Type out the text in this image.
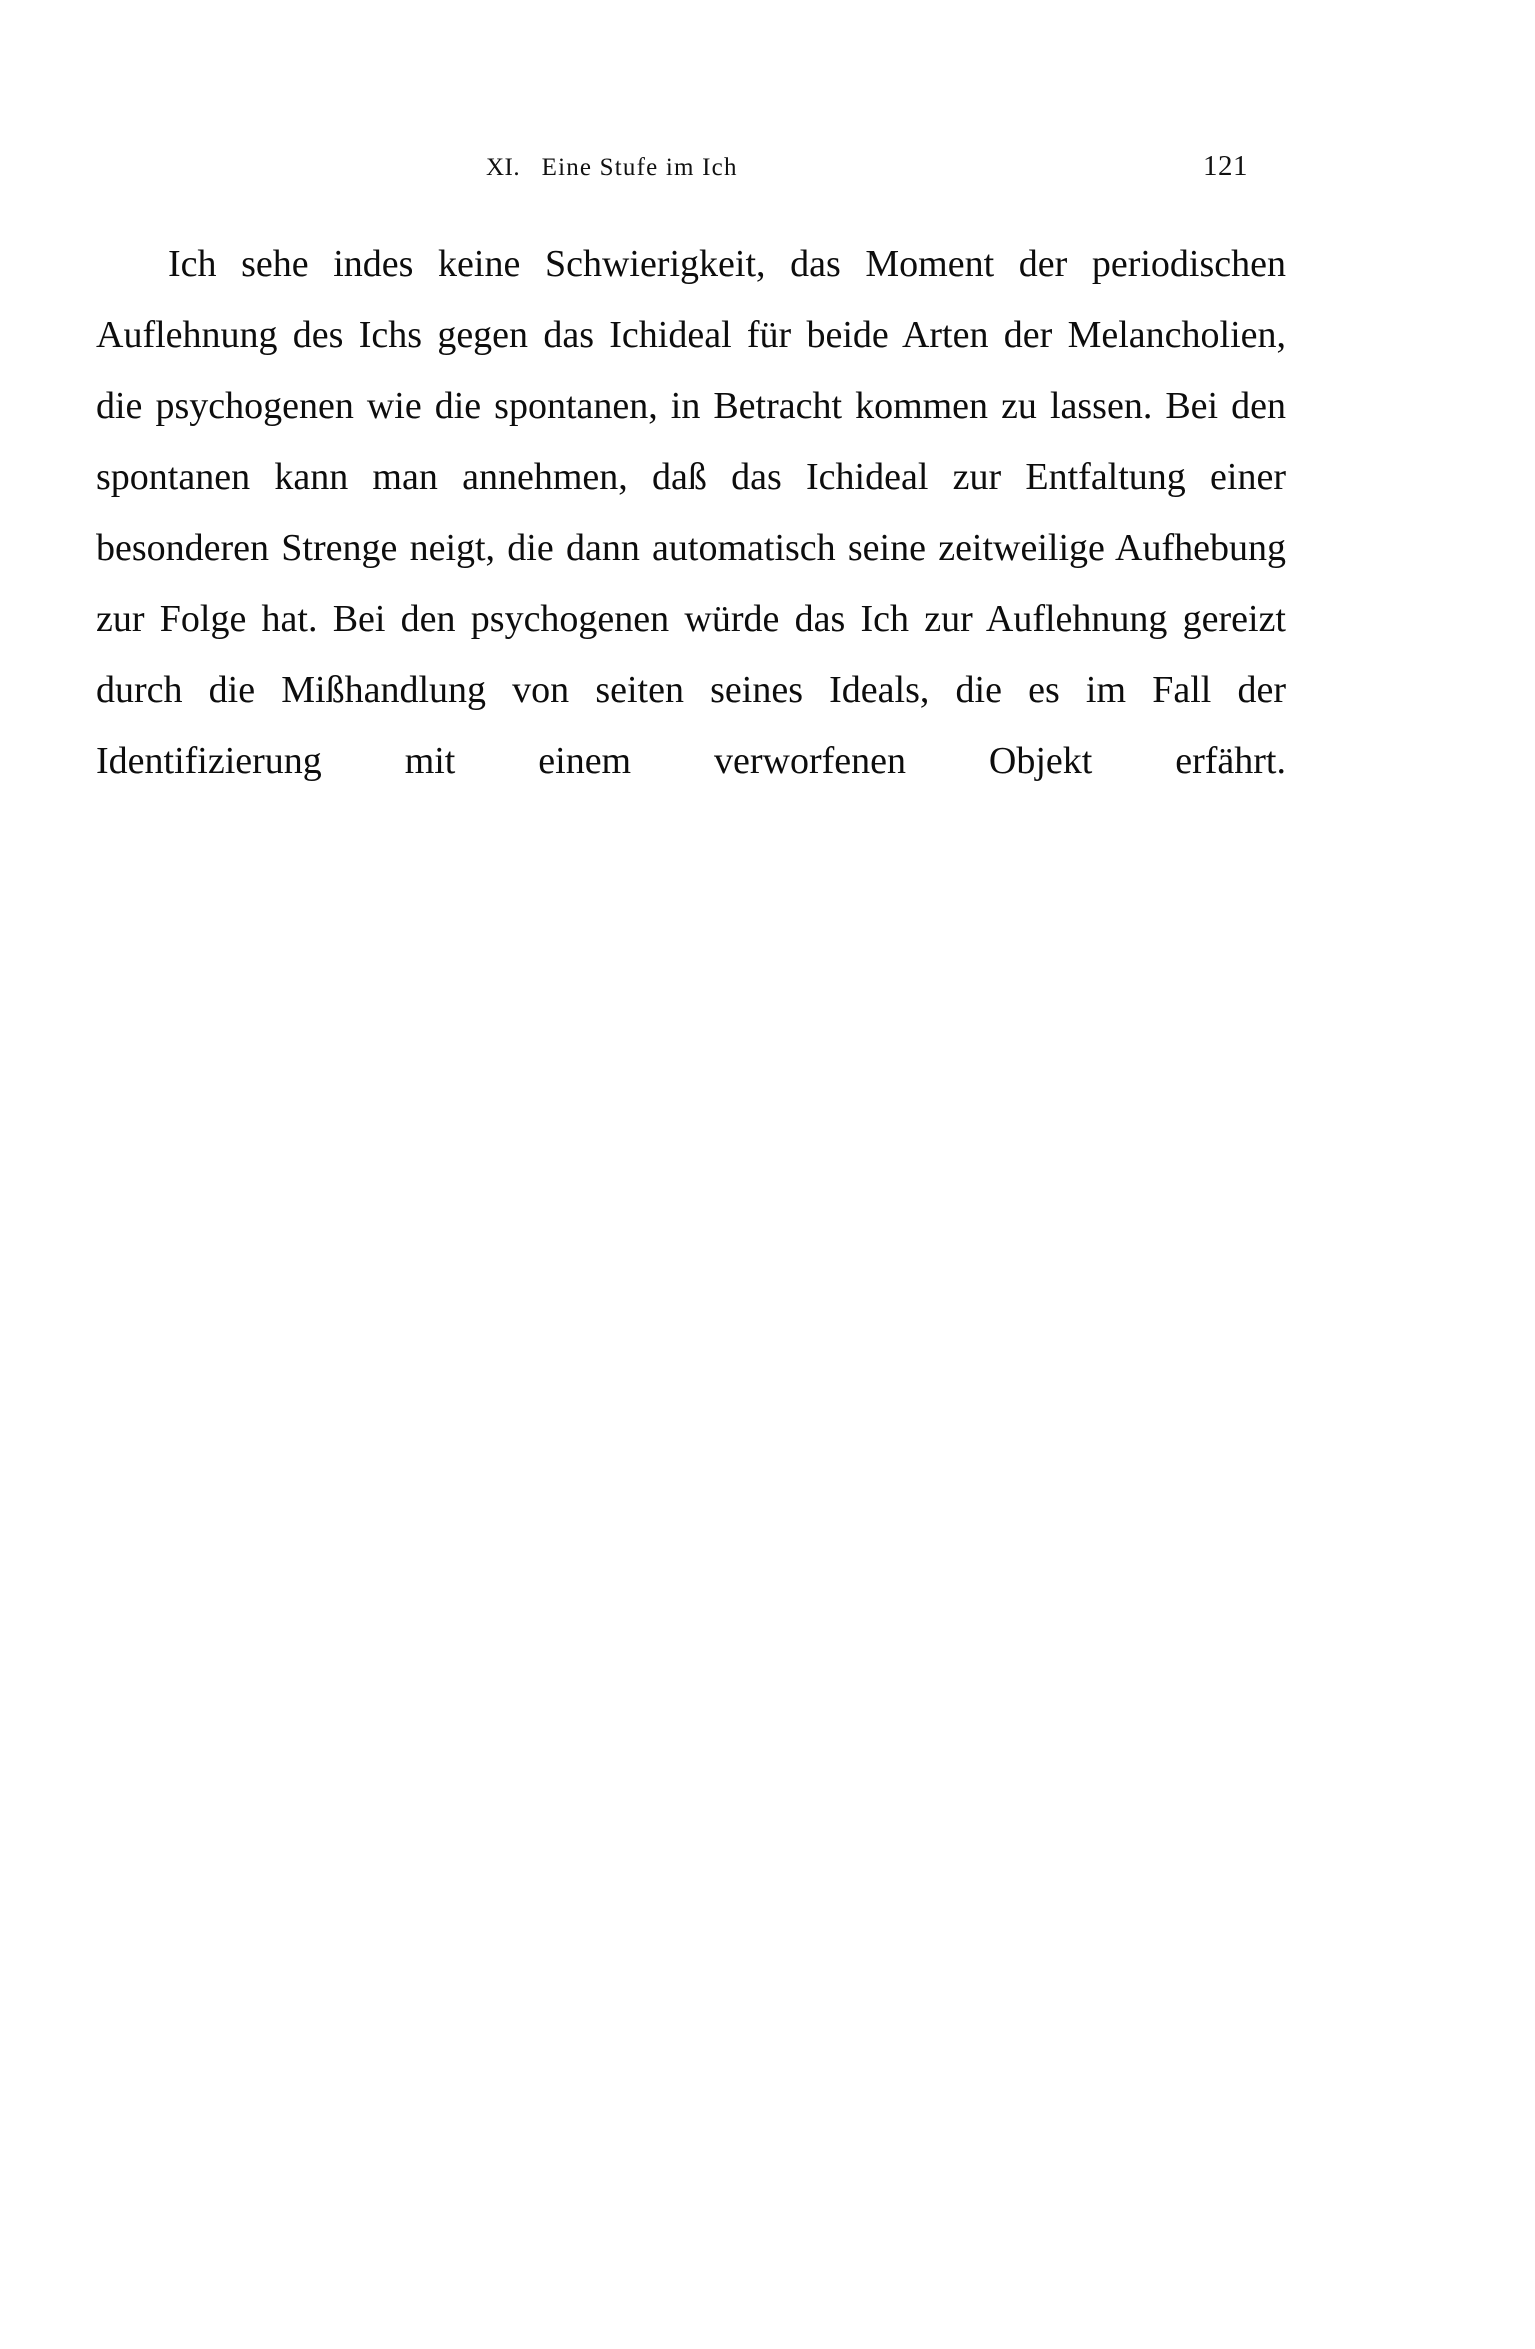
XI. Eine Stufe im Ich	121

Ich sehe indes keine Schwierigkeit, das Moment der periodischen Auflehnung des Ichs gegen das Ichideal für beide Arten der Melancholien, die psychogenen wie die spontanen, in Betracht kommen zu lassen. Bei den spontanen kann man annehmen, daß das Ichideal zur Entfaltung einer besonderen Strenge neigt, die dann automatisch seine zeitweilige Aufhebung zur Folge hat. Bei den psychogenen würde das Ich zur Auflehnung gereizt durch die Mißhandlung von seiten seines Ideals, die es im Fall der Identifizierung mit einem verworfenen Objekt erfährt.
